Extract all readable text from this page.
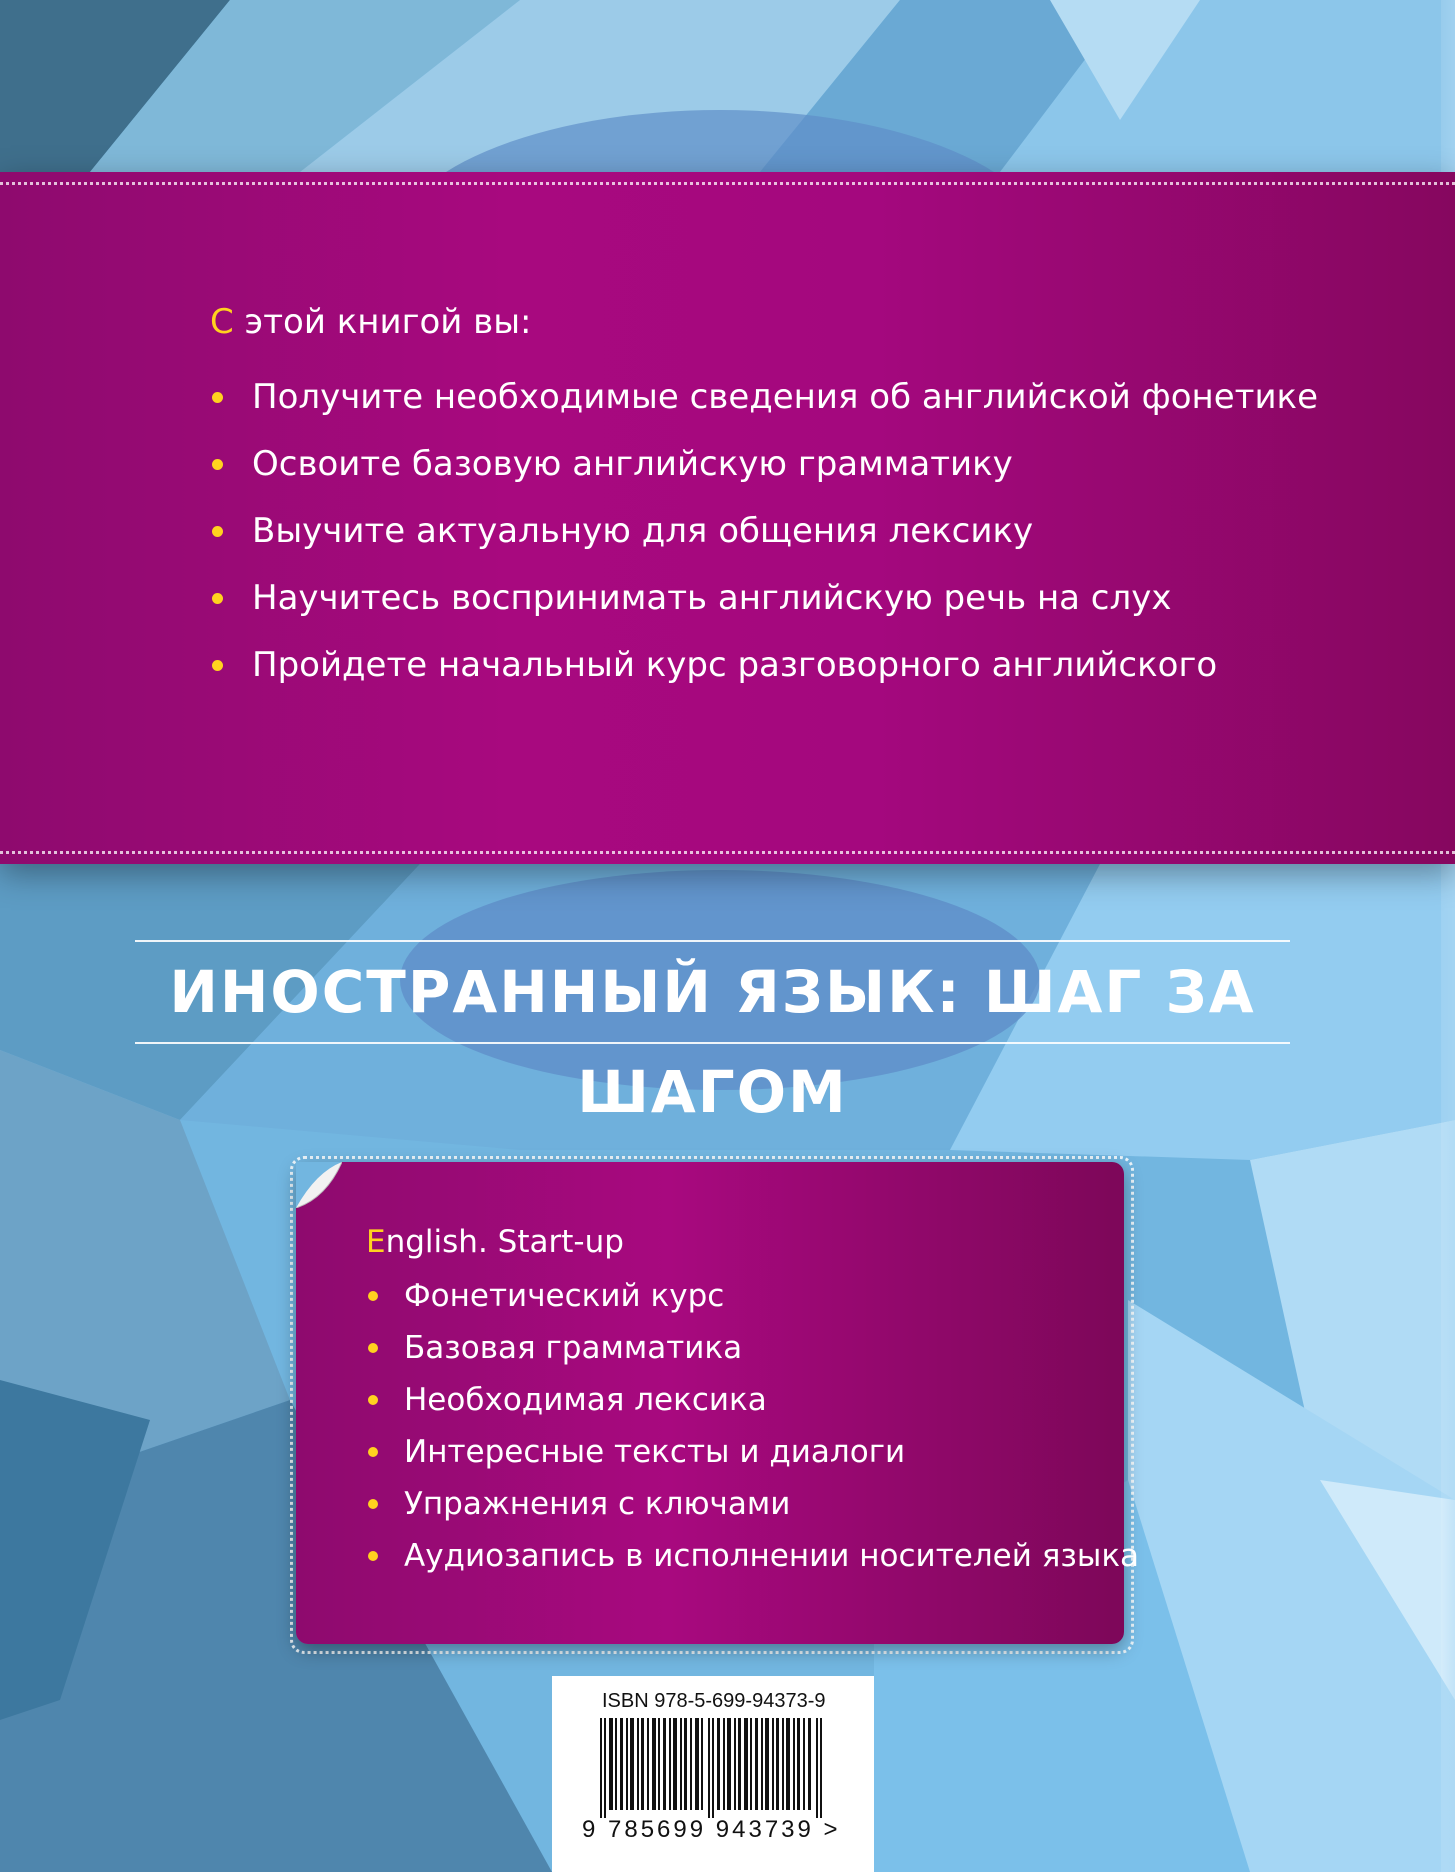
С этой книгой вы:
Получите необходимые сведения об английской фонетике
Освоите базовую английскую грамматику
Выучите актуальную для общения лексику
Научитесь воспринимать английскую речь на слух
Пройдете начальный курс разговорного английского
ИНОСТРАННЫЙ ЯЗЫК: ШАГ ЗА ШАГОМ
English. Start-up
Фонетический курс
Базовая грамматика
Необходимая лексика
Интересные тексты и диалоги
Упражнения с ключами
Аудиозапись в исполнении носителей языка
ISBN 978-5-699-94373-9
9 785699 943739 >
